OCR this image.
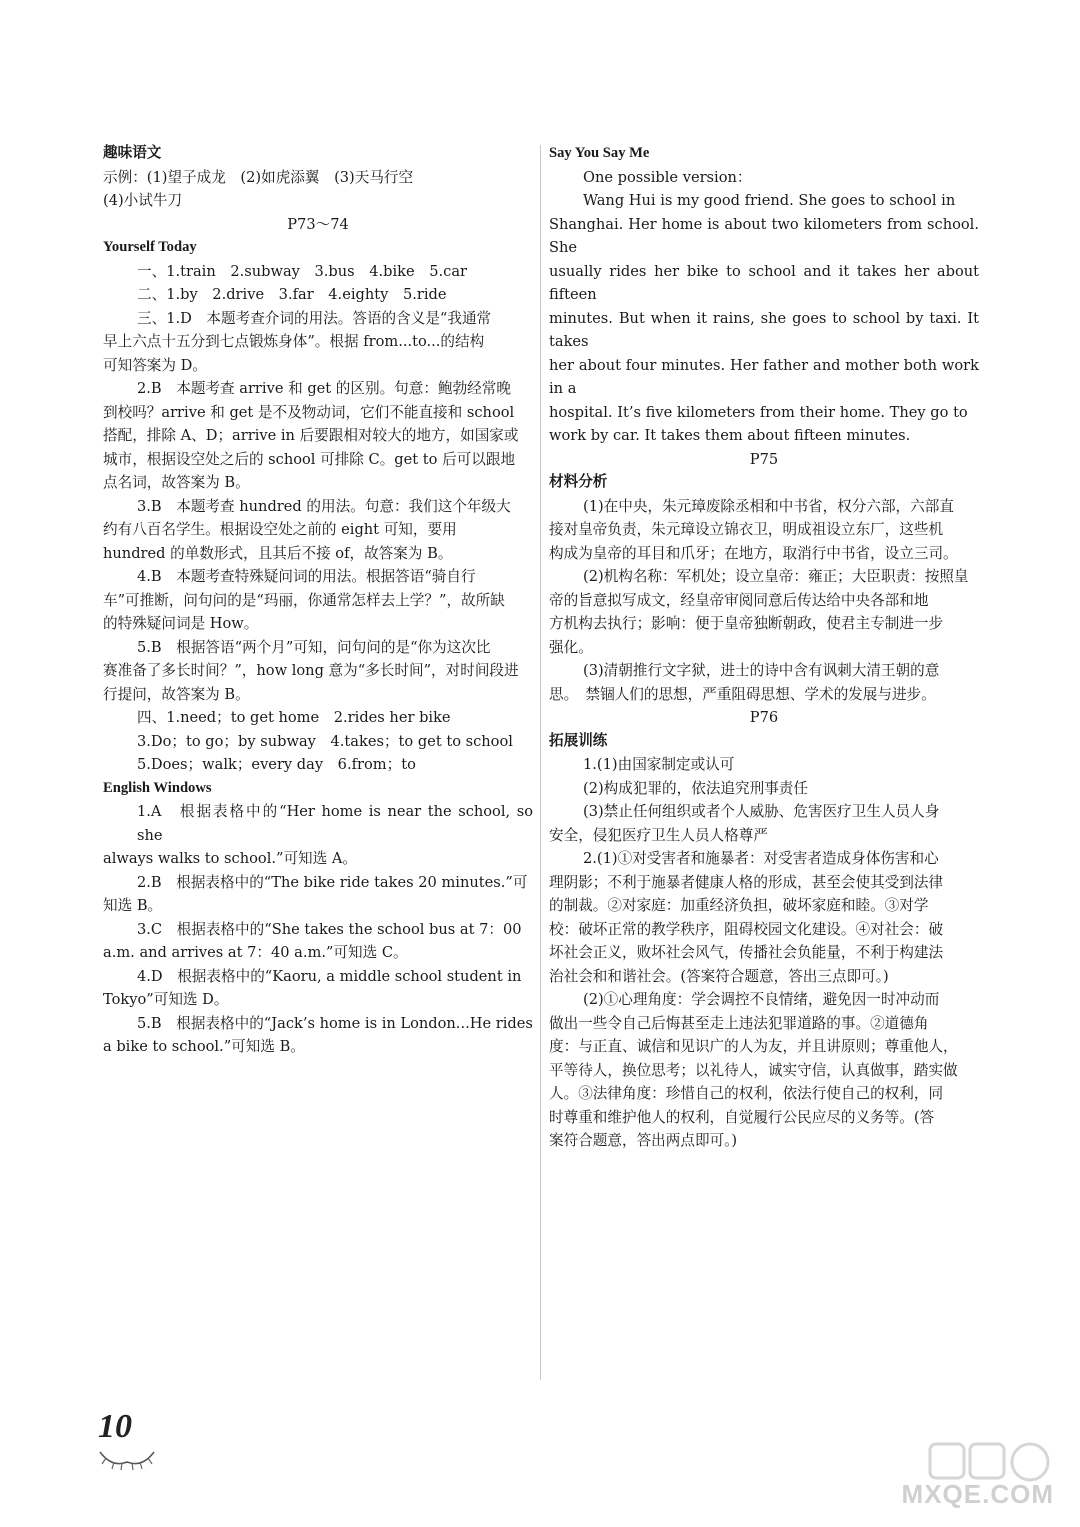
趣味语文

示例：(1)望子成龙　(2)如虎添翼　(3)天马行空

(4)小试牛刀

P73～74

Yourself Today

一、1.train　2.subway　3.bus　4.bike　5.car

二、1.by　2.drive　3.far　4.eighty　5.ride

三、1.D　本题考查介词的用法。答语的含义是“我通常

早上六点十五分到七点锻炼身体”。根据 from...to...的结构

可知答案为 D。

2.B　本题考查 arrive 和 get 的区别。句意：鲍勃经常晚

到校吗？arrive 和 get 是不及物动词，它们不能直接和 school

搭配，排除 A、D；arrive in 后要跟相对较大的地方，如国家或

城市，根据设空处之后的 school 可排除 C。get to 后可以跟地

点名词，故答案为 B。

3.B　本题考查 hundred 的用法。句意：我们这个年级大

约有八百名学生。根据设空处之前的 eight 可知，要用

hundred 的单数形式，且其后不接 of，故答案为 B。

4.B　本题考查特殊疑问词的用法。根据答语“骑自行

车”可推断，问句问的是“玛丽，你通常怎样去上学？”，故所缺

的特殊疑问词是 How。

5.B　根据答语“两个月”可知，问句问的是“你为这次比

赛准备了多长时间？”，how long 意为“多长时间”，对时间段进

行提问，故答案为 B。

四、1.need；to get home　2.rides her bike

3.Do；to go；by subway　4.takes；to get to school

5.Does；walk；every day　6.from；to

English Windows

1.A　根据表格中的“Her home is near the school, so she

always walks to school.”可知选 A。

2.B　根据表格中的“The bike ride takes 20 minutes.”可

知选 B。

3.C　根据表格中的“She takes the school bus at 7：00

a.m. and arrives at 7：40 a.m.”可知选 C。

4.D　根据表格中的“Kaoru, a middle school student in

Tokyo”可知选 D。

5.B　根据表格中的“Jack’s home is in London...He rides

a bike to school.”可知选 B。

Say You Say Me

One possible version：

Wang Hui is my good friend. She goes to school in

Shanghai. Her home is about two kilometers from school. She

usually rides her bike to school and it takes her about fifteen

minutes. But when it rains, she goes to school by taxi. It takes

her about four minutes. Her father and mother both work in a

hospital. It’s five kilometers from their home. They go to

work by car. It takes them about fifteen minutes.

P75

材料分析

(1)在中央，朱元璋废除丞相和中书省，权分六部，六部直

接对皇帝负责，朱元璋设立锦衣卫，明成祖设立东厂，这些机

构成为皇帝的耳目和爪牙；在地方，取消行中书省，设立三司。

(2)机构名称：军机处；设立皇帝：雍正；大臣职责：按照皇

帝的旨意拟写成文，经皇帝审阅同意后传达给中央各部和地

方机构去执行；影响：便于皇帝独断朝政，使君主专制进一步

强化。

(3)清朝推行文字狱，进士的诗中含有讽刺大清王朝的意

思。　禁锢人们的思想，严重阻碍思想、学术的发展与进步。

P76

拓展训练

1.(1)由国家制定或认可

(2)构成犯罪的，依法追究刑事责任

(3)禁止任何组织或者个人威胁、危害医疗卫生人员人身

安全，侵犯医疗卫生人员人格尊严

2.(1)①对受害者和施暴者：对受害者造成身体伤害和心

理阴影；不利于施暴者健康人格的形成，甚至会使其受到法律

的制裁。②对家庭：加重经济负担，破坏家庭和睦。③对学

校：破坏正常的教学秩序，阻碍校园文化建设。④对社会：破

坏社会正义，败坏社会风气，传播社会负能量，不利于构建法

治社会和和谐社会。(答案符合题意，答出三点即可。)

(2)①心理角度：学会调控不良情绪，避免因一时冲动而

做出一些令自己后悔甚至走上违法犯罪道路的事。②道德角

度：与正直、诚信和见识广的人为友，并且讲原则；尊重他人，

平等待人，换位思考；以礼待人，诚实守信，认真做事，踏实做

人。③法律角度：珍惜自己的权利，依法行使自己的权利，同

时尊重和维护他人的权利，自觉履行公民应尽的义务等。(答

案符合题意，答出两点即可。)

10
MXQE.COM
